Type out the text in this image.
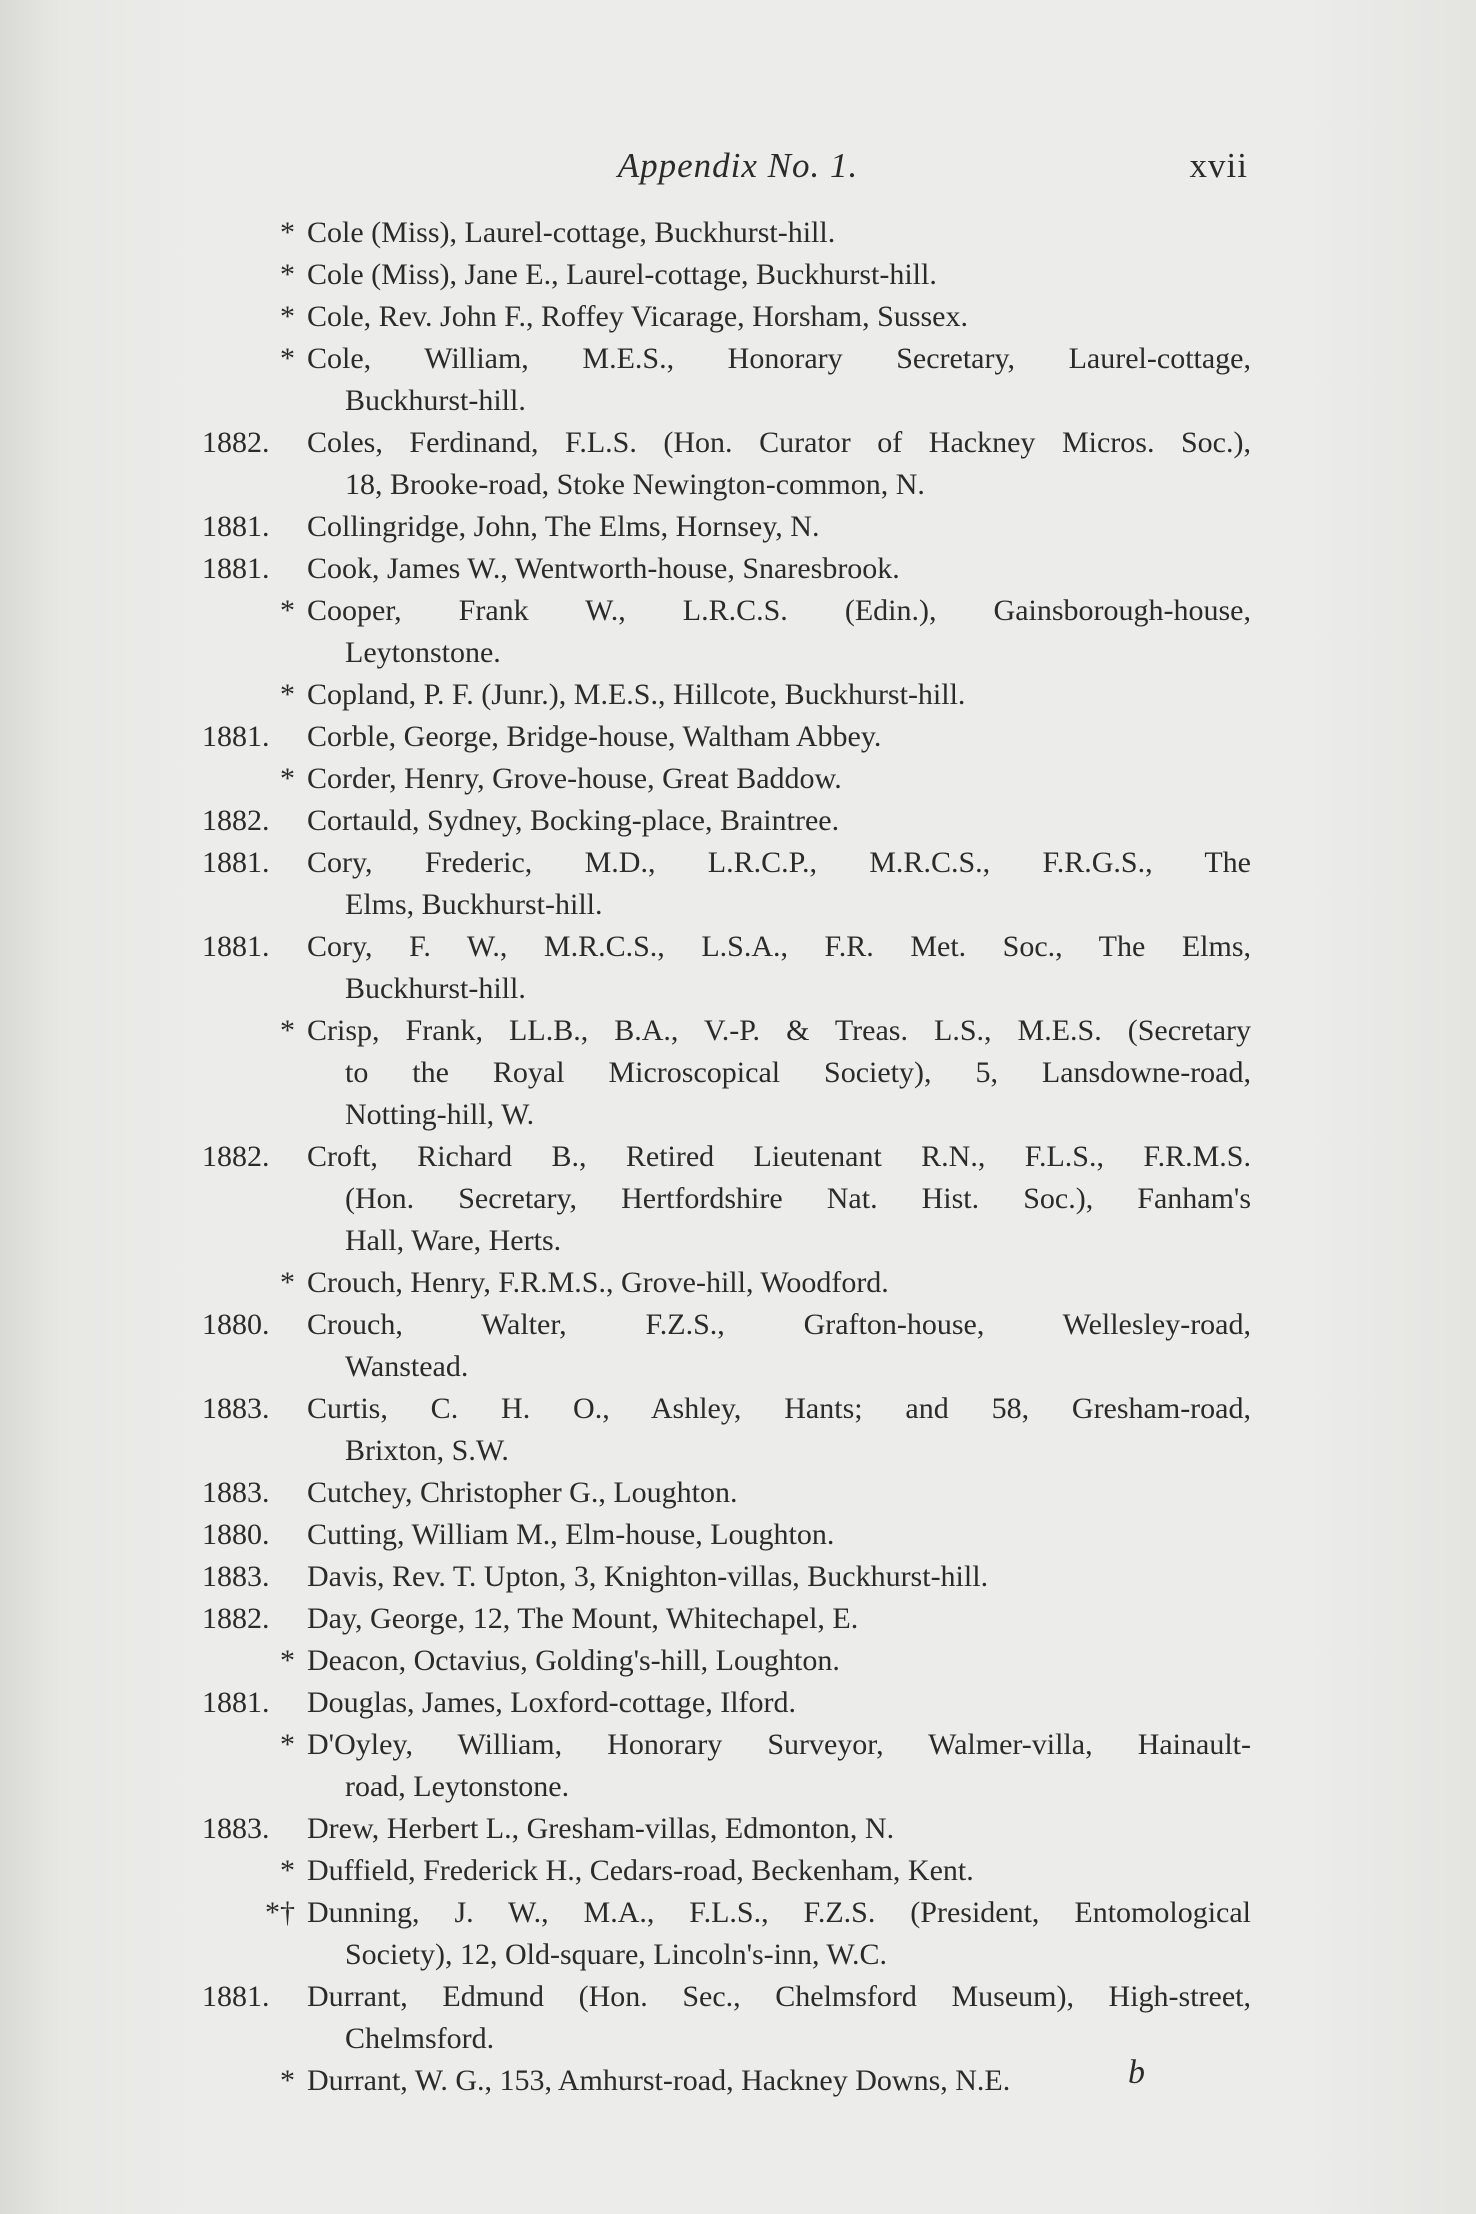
Appendix No. 1.	xvii
* Cole (Miss), Laurel-cottage, Buckhurst-hill.
* Cole (Miss), Jane E., Laurel-cottage, Buckhurst-hill.
* Cole, Rev. John F., Roffey Vicarage, Horsham, Sussex.
* Cole, William, M.E.S., Honorary Secretary, Laurel-cottage,
Buckhurst-hill.
1882. Coles, Ferdinand, F.L.S. (Hon. Curator of Hackney Micros. Soc.),
18, Brooke-road, Stoke Newington-common, N.
1881. Collingridge, John, The Elms, Hornsey, N.
1881. Cook, James W., Wentworth-house, Snaresbrook.
* Cooper, Frank W., L.R.C.S. (Edin.), Gainsborough-house,
Leytonstone.
* Copland, P. F. (Junr.), M.E.S., Hillcote, Buckhurst-hill.
1881. Corble, George, Bridge-house, Waltham Abbey.
* Corder, Henry, Grove-house, Great Baddow.
1882. Cortauld, Sydney, Bocking-place, Braintree.
1881. Cory, Frederic, M.D., L.R.C.P., M.R.C.S., F.R.G.S., The
Elms, Buckhurst-hill.
1881. Cory, F. W., M.R.C.S., L.S.A., F.R. Met. Soc., The Elms,
Buckhurst-hill.
* Crisp, Frank, LL.B., B.A., V.-P. & Treas. L.S., M.E.S. (Secretary
to the Royal Microscopical Society), 5, Lansdowne-road,
Notting-hill, W.
1882. Croft, Richard B., Retired Lieutenant R.N., F.L.S., F.R.M.S.
(Hon. Secretary, Hertfordshire Nat. Hist. Soc.), Fanham's
Hall, Ware, Herts.
* Crouch, Henry, F.R.M.S., Grove-hill, Woodford.
1880. Crouch, Walter, F.Z.S., Grafton-house, Wellesley-road,
Wanstead.
1883. Curtis, C. H. O., Ashley, Hants; and 58, Gresham-road,
Brixton, S.W.
1883. Cutchey, Christopher G., Loughton.
1880. Cutting, William M., Elm-house, Loughton.
1883. Davis, Rev. T. Upton, 3, Knighton-villas, Buckhurst-hill.
1882. Day, George, 12, The Mount, Whitechapel, E.
* Deacon, Octavius, Golding's-hill, Loughton.
1881. Douglas, James, Loxford-cottage, Ilford.
* D'Oyley, William, Honorary Surveyor, Walmer-villa, Hainault-
road, Leytonstone.
1883. Drew, Herbert L., Gresham-villas, Edmonton, N.
* Duffield, Frederick H., Cedars-road, Beckenham, Kent.
*† Dunning, J. W., M.A., F.L.S., F.Z.S. (President, Entomological
Society), 12, Old-square, Lincoln's-inn, W.C.
1881. Durrant, Edmund (Hon. Sec., Chelmsford Museum), High-street,
Chelmsford.
* Durrant, W. G., 153, Amhurst-road, Hackney Downs, N.E.	b
